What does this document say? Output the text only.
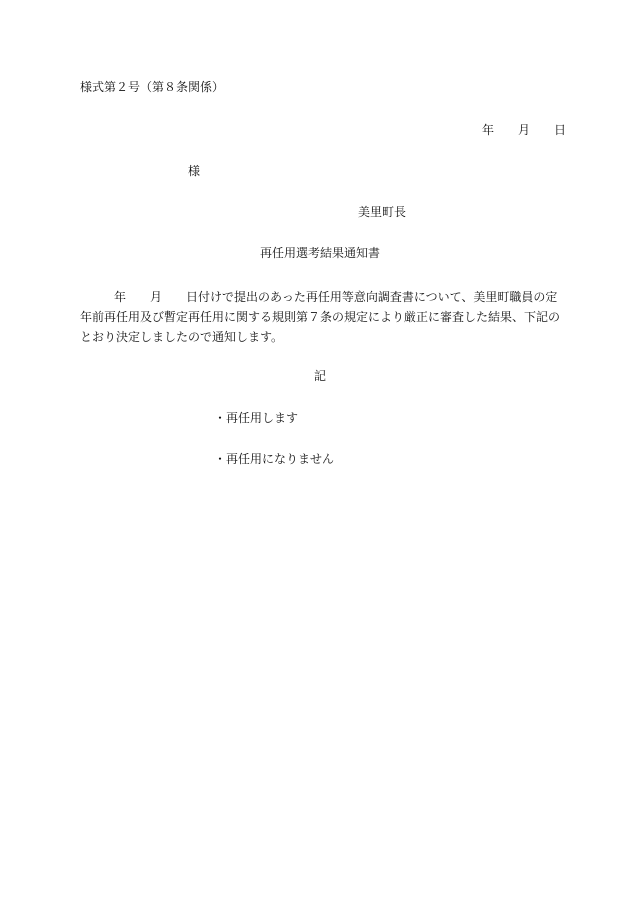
様式第２号（第８条関係）
年 月 日
様
美里町長
再任用選考結果通知書
年 月 日付けで提出のあった再任用等意向調査書について、美里町職員の定
年前再任用及び暫定再任用に関する規則第７条の規定により厳正に審査した結果、下記の
とおり決定しましたので通知します。
記
・再任用します
・再任用になりません
